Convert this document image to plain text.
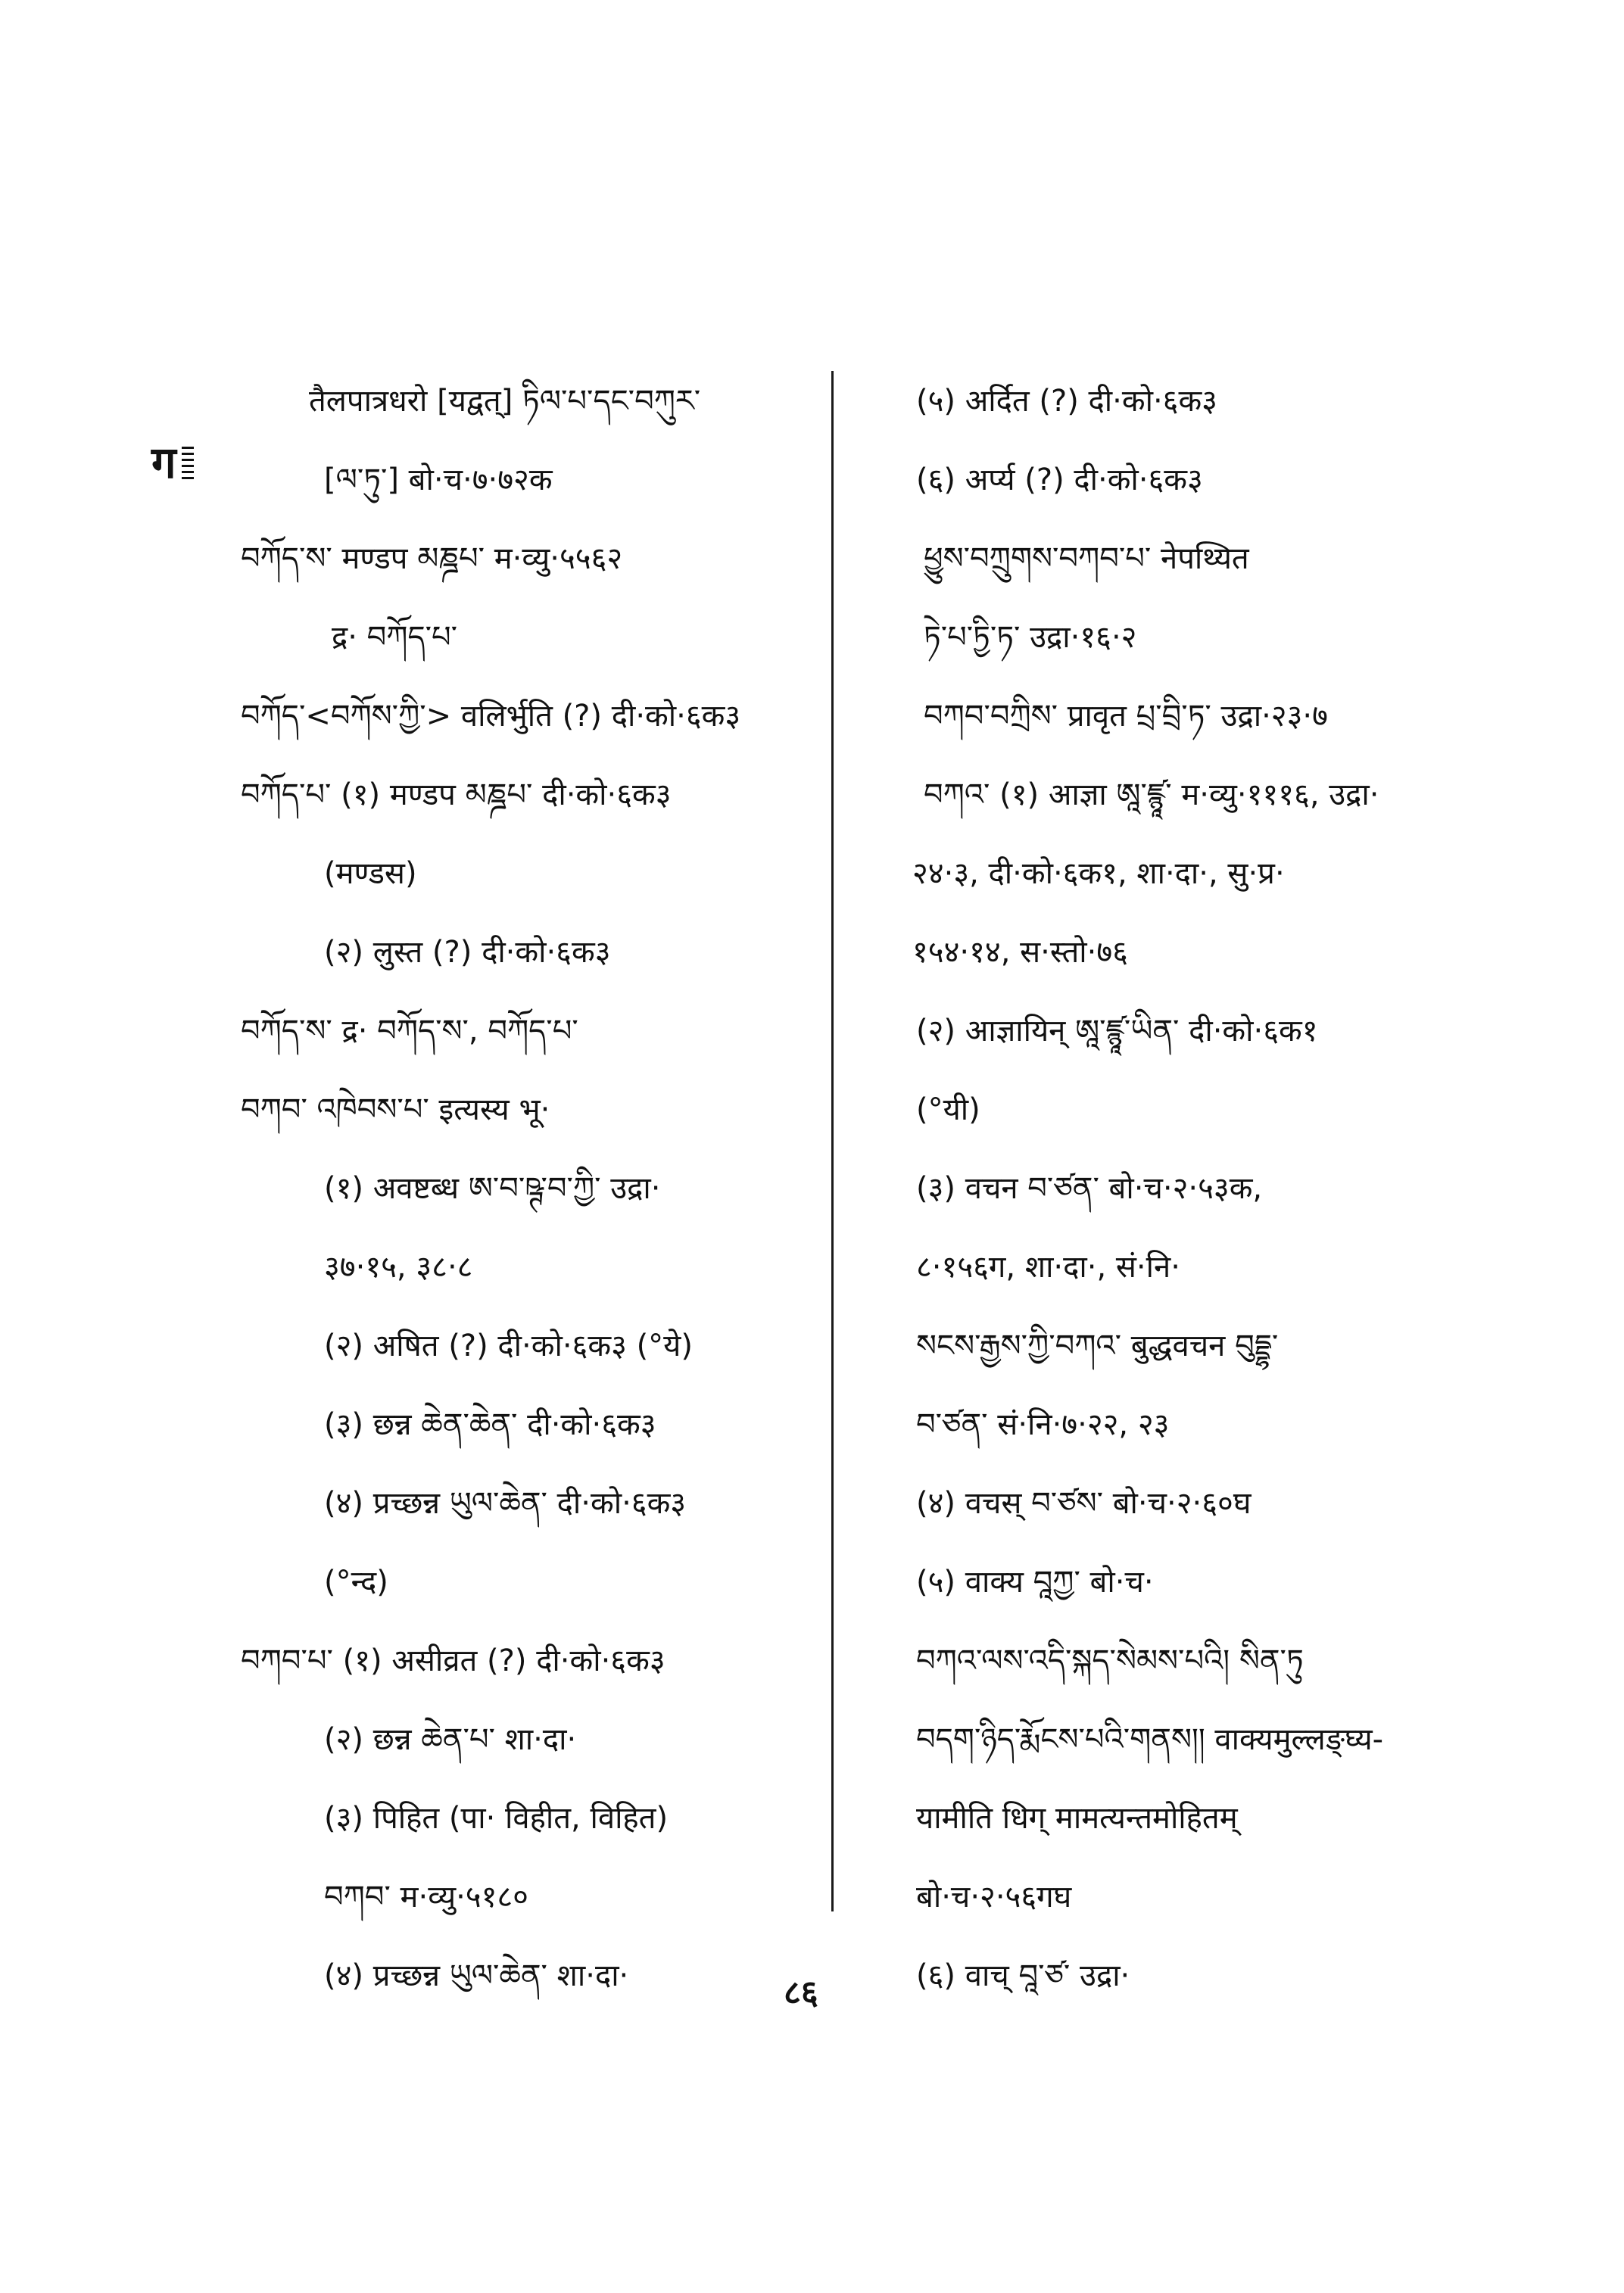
ग
तैलपात्रधरो [यद्वत्] ཏིལ་པ་དང་བཀུར་
[ལ་ཏུ་] बो·च·७·७२क
བཀོད་ས་ मण्डप མཎྜཔ་ म·व्यु·५५६२
द्र· བཀོད་པ་
བཀོད་<བཀོས་ཀྱི་> वलिर्भुति (?) दी·को·६क३
བཀོད་པ་ (१) मण्डप མཎྜཔ་ दी·को·६क३
(मण्डस)
(२) लुस्त (?) दी·को·६क३
བཀོད་ས་ द्र· བཀོད་ས་, བཀོད་པ་
བཀབ་ འཁེབས་པ་ इत्यस्य भू·
(१) अवष्टब्ध ཨ་བ་ཥྚ་བ་ཀྱི་ उद्रा·
३७·१५, ३८·८
(२) अषित (?) दी·को·६क३ (°ये)
(३) छन्न ཆེན་ཆེན་ दी·को·६क३
(४) प्रच्छन्न ཡུལ་ཆེན་ दी·को·६क३
(°न्द)
བཀབ་པ་ (१) असीव्रत (?) दी·को·६क३
(२) छन्न ཆེན་པ་ शा·दा·
(३) पिहित (पा· विहीत, विहित)
བཀབ་ म·व्यु·५१८०
(४) प्रच्छन्न ཡུལ་ཆེན་ शा·दा·
(५) अर्दित (?) दी·को·६क३
(६) अर्प्य (?) दी·को·६क३
ཕྱུས་བཀྲུགས་བཀབ་པ་ नेपथ्यित
ཏེ་པ་ཏྱི་ཏ་ उद्रा·१६·२
བཀབ་བཀྲིས་ प्रावृत པྲ་བྲི་ཏ་ उद्रा·२३·७
བཀའ་ (१) आज्ञा ཨཱ་ཛྙཱ་ म·व्यु·१११६, उद्रा·
२४·३, दी·को·६क१, शा·दा·, सु·प्र·
१५४·१४, स·स्तो·७६
(२) आज्ञायिन् ཨཱ་ཛྙཱ་ཡིན་ दी·को·६क१
(°यी)
(३) वचन བ་ཙན་ बो·च·२·५३क,
८·१५६ग, शा·दा·, सं·नि·
སངས་རྒྱས་ཀྱི་བཀའ་ बुद्धवचन བུདྡྷ་
བ་ཙན་ सं·नि·७·२२, २३
(४) वचस् བ་ཙས་ बो·च·२·६०घ
(५) वाक्य བཱཀྱ་ बो·च·
བཀའ་ལས་འདི་སྐད་སེམས་པའི། སིན་ཏུ
བདག་ཉིད་རྨོངས་པའི་གནས།། वाक्यमुल्लङ्घ्य-
यामीति धिग् मामत्यन्तमोहितम्
बो·च·२·५६गघ
(६) वाच् བཱ་ཙ་ उद्रा·
८६
